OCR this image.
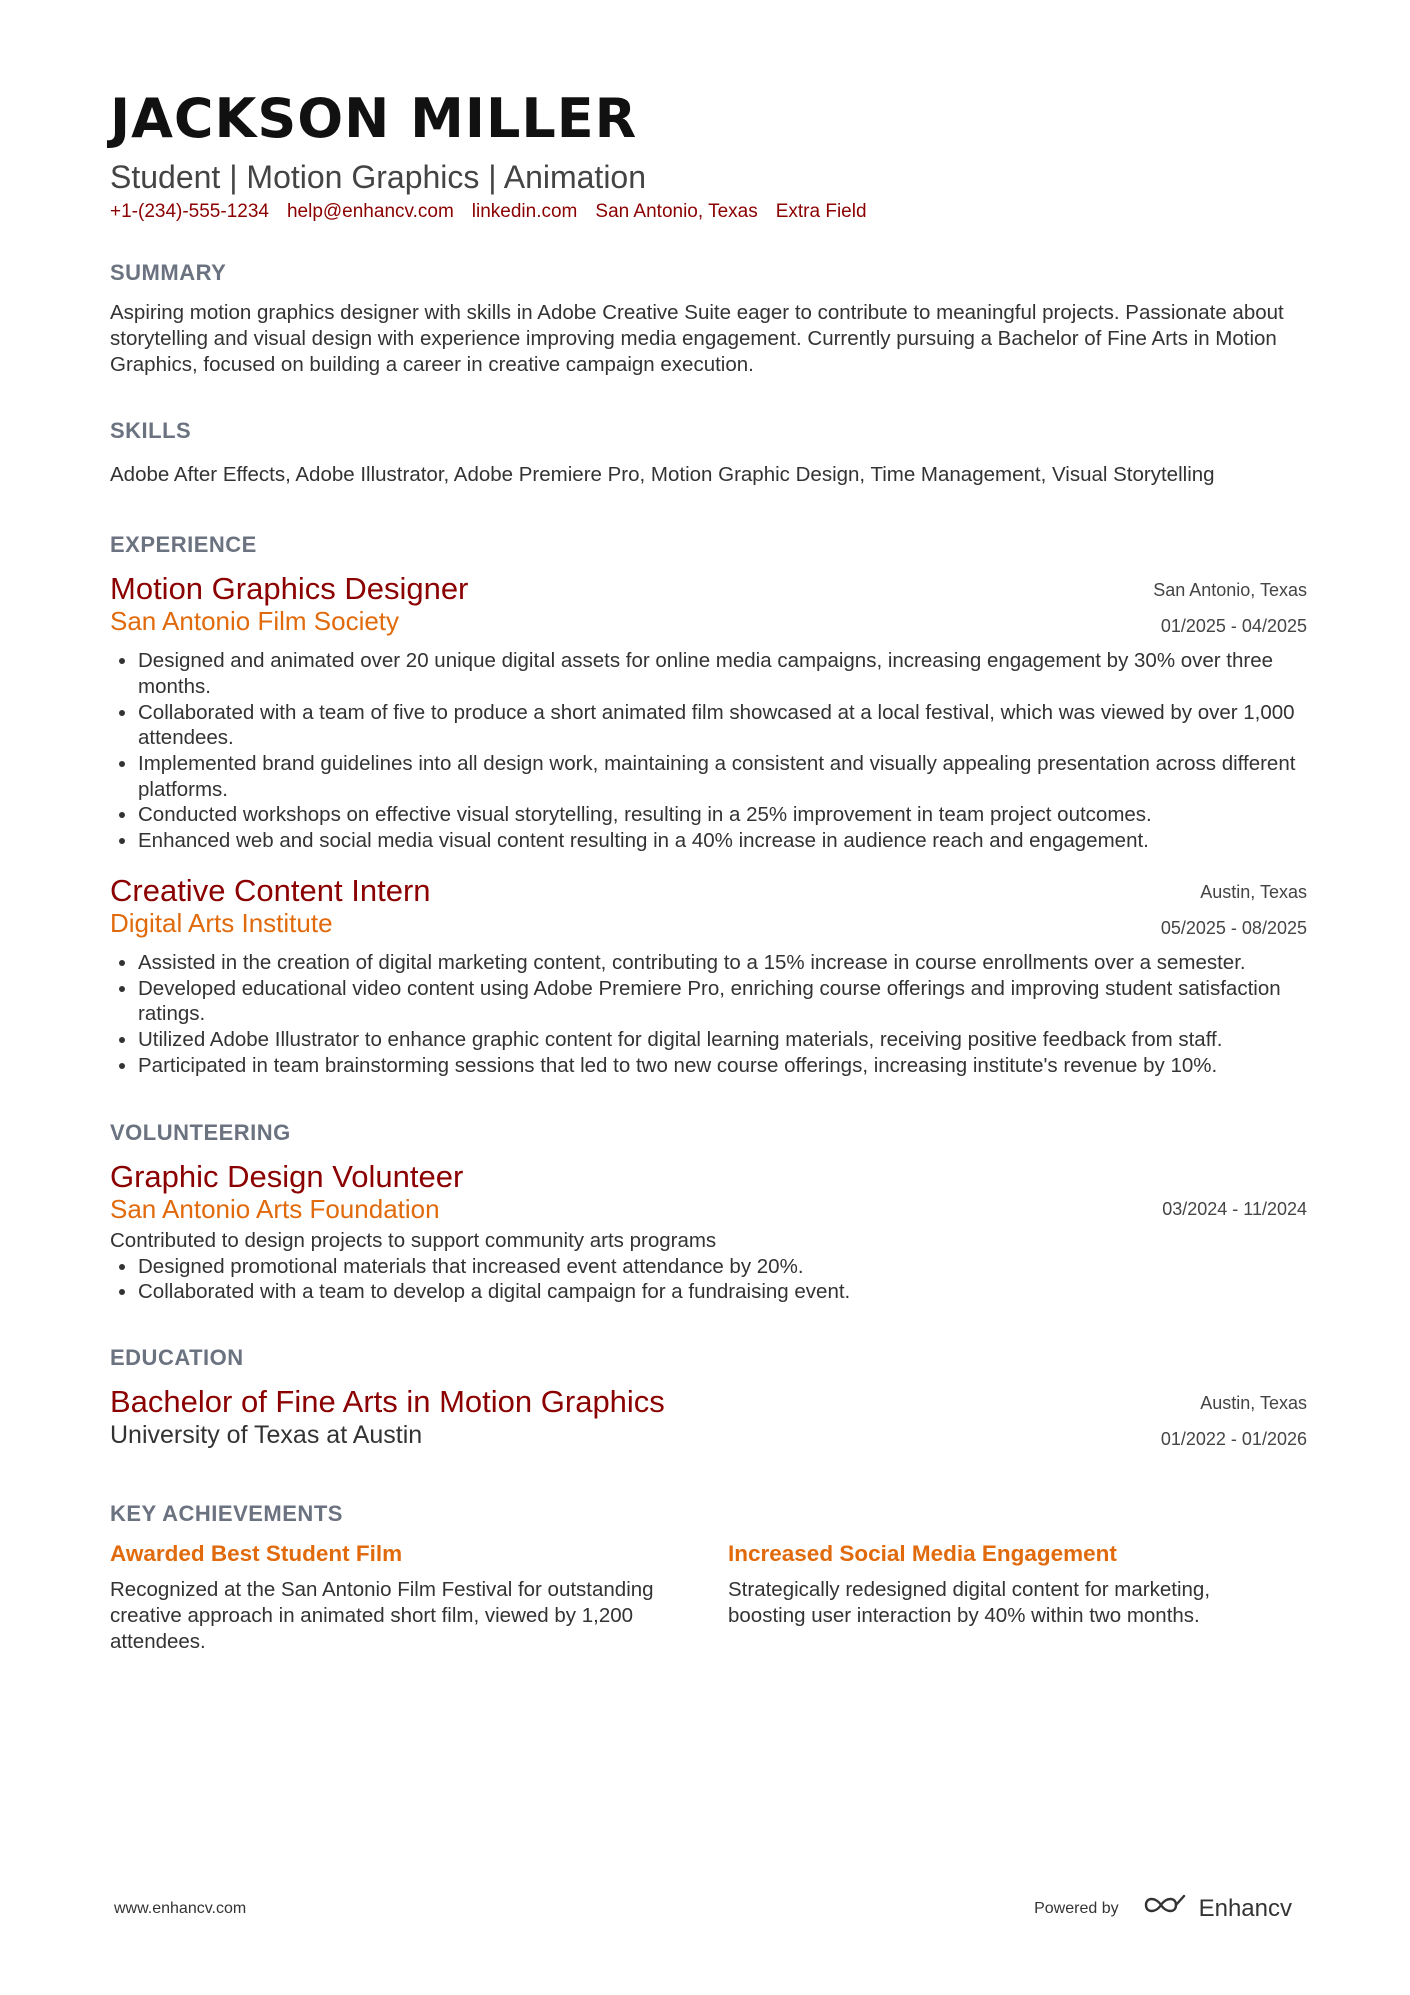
JACKSON MILLER
Student | Motion Graphics | Animation
+1-(234)-555-1234 help@enhancv.com linkedin.com San Antonio, Texas Extra Field
SUMMARY
Aspiring motion graphics designer with skills in Adobe Creative Suite eager to contribute to meaningful projects. Passionate about storytelling and visual design with experience improving media engagement. Currently pursuing a Bachelor of Fine Arts in Motion Graphics, focused on building a career in creative campaign execution.
SKILLS
Adobe After Effects, Adobe Illustrator, Adobe Premiere Pro, Motion Graphic Design, Time Management, Visual Storytelling
EXPERIENCE
Motion Graphics Designer
San Antonio Film Society
San Antonio, Texas
01/2025 - 04/2025
• Designed and animated over 20 unique digital assets for online media campaigns, increasing engagement by 30% over three months.
• Collaborated with a team of five to produce a short animated film showcased at a local festival, which was viewed by over 1,000 attendees.
• Implemented brand guidelines into all design work, maintaining a consistent and visually appealing presentation across different platforms.
• Conducted workshops on effective visual storytelling, resulting in a 25% improvement in team project outcomes.
• Enhanced web and social media visual content resulting in a 40% increase in audience reach and engagement.
Creative Content Intern
Digital Arts Institute
Austin, Texas
05/2025 - 08/2025
• Assisted in the creation of digital marketing content, contributing to a 15% increase in course enrollments over a semester.
• Developed educational video content using Adobe Premiere Pro, enriching course offerings and improving student satisfaction ratings.
• Utilized Adobe Illustrator to enhance graphic content for digital learning materials, receiving positive feedback from staff.
• Participated in team brainstorming sessions that led to two new course offerings, increasing institute's revenue by 10%.
VOLUNTEERING
Graphic Design Volunteer
San Antonio Arts Foundation	03/2024 - 11/2024
Contributed to design projects to support community arts programs
• Designed promotional materials that increased event attendance by 20%.
• Collaborated with a team to develop a digital campaign for a fundraising event.
EDUCATION
Bachelor of Fine Arts in Motion Graphics
University of Texas at Austin
Austin, Texas
01/2022 - 01/2026
KEY ACHIEVEMENTS
Awarded Best Student Film
Recognized at the San Antonio Film Festival for outstanding creative approach in animated short film, viewed by 1,200 attendees.
Increased Social Media Engagement
Strategically redesigned digital content for marketing, boosting user interaction by 40% within two months.
www.enhancv.com	Powered by	Enhancv
